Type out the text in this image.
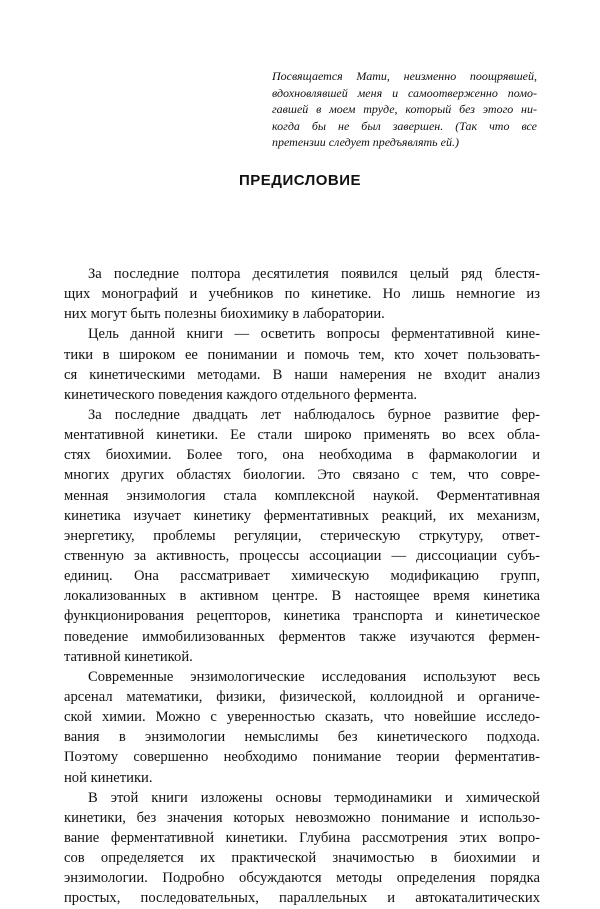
Посвящается Мати, неизменно поощрявшей,
вдохновлявшей меня и самоотверженно помо-
гавшей в моем труде, который без этого ни-
когда бы не был завершен. (Так что все
претензии следует предъявлять ей.)
ПРЕДИСЛОВИЕ
За последние полтора десятилетия появился целый ряд блестя-
щих монографий и учебников по кинетике. Но лишь немногие из
них могут быть полезны биохимику в лаборатории.
Цель данной книги — осветить вопросы ферментативной кине-
тики в широком ее понимании и помочь тем, кто хочет пользовать-
ся кинетическими методами. В наши намерения не входит анализ
кинетического поведения каждого отдельного фермента.
За последние двадцать лет наблюдалось бурное развитие фер-
ментативной кинетики. Ее стали широко применять во всех обла-
стях биохимии. Более того, она необходима в фармакологии и
многих других областях биологии. Это связано с тем, что совре-
менная энзимология стала комплексной наукой. Ферментативная
кинетика изучает кинетику ферментативных реакций, их механизм,
энергетику, проблемы регуляции, стерическую стркутуру, ответ-
ственную за активность, процессы ассоциации — диссоциации субъ-
единиц. Она рассматривает химическую модификацию групп,
локализованных в активном центре. В настоящее время кинетика
функционирования рецепторов, кинетика транспорта и кинетическое
поведение иммобилизованных ферментов также изучаются фермен-
тативной кинетикой.
Современные энзимологические исследования используют весь
арсенал математики, физики, физической, коллоидной и органиче-
ской химии. Можно с уверенностью сказать, что новейшие исследо-
вания в энзимологии немыслимы без кинетического подхода.
Поэтому совершенно необходимо понимание теории ферментатив-
ной кинетики.
В этой книги изложены основы термодинамики и химической
кинетики, без значения которых невозможно понимание и использо-
вание ферментативной кинетики. Глубина рассмотрения этих вопро-
сов определяется их практической значимостью в биохимии и
энзимологии. Подробно обсуждаются методы определения порядка
простых, последовательных, параллельных и автокаталитических
